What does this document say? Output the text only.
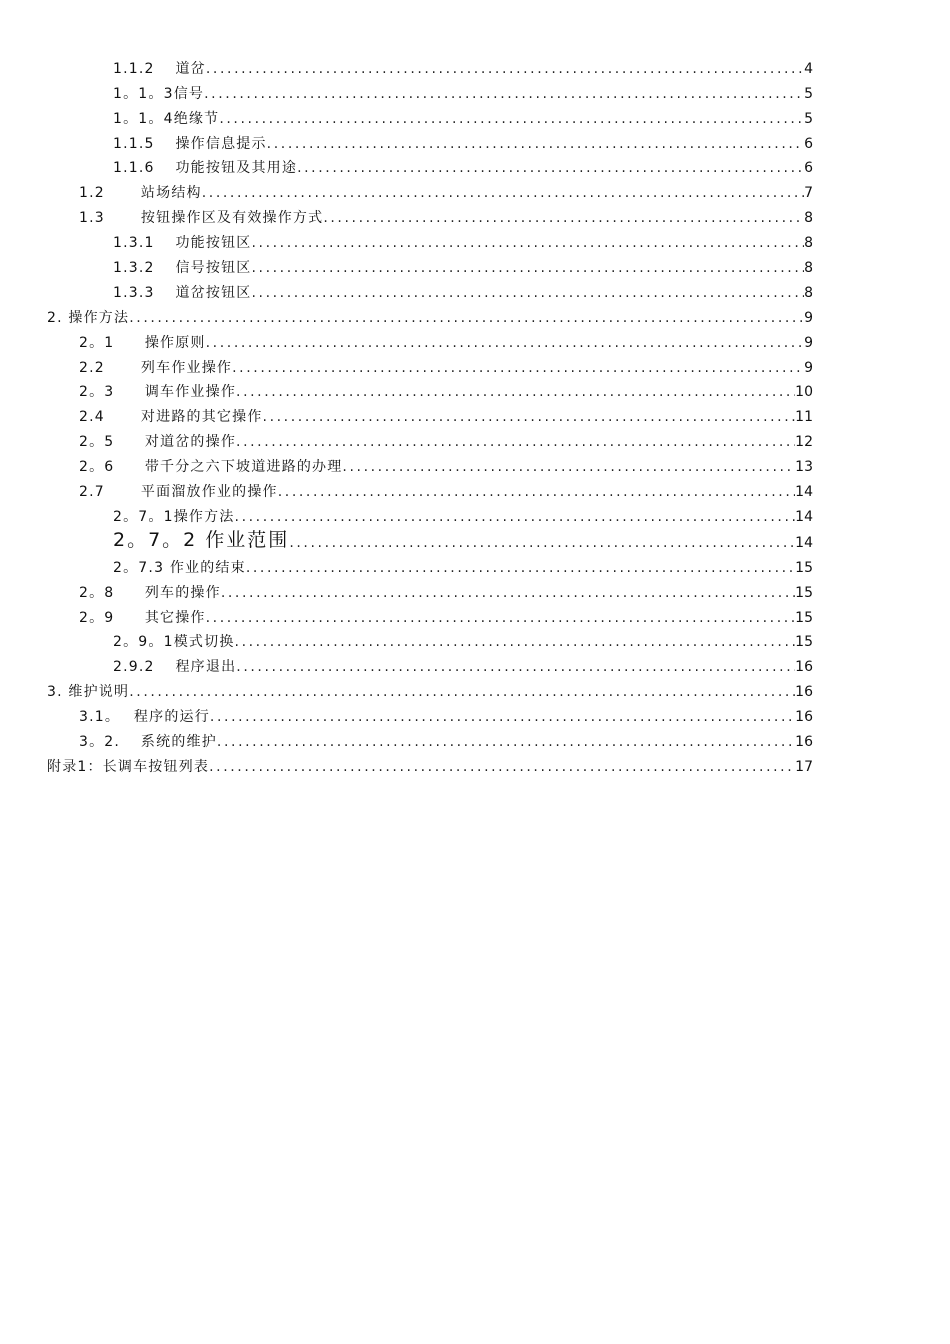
1.1.2　 道岔 .....	4
1。1。3信号 .....	5
1。1。4绝缘节 .....	5
1.1.5　 操作信息提示 .....	6
1.1.6　 功能按钮及其用途 .....	6
1.2　　 站场结构 .....	7
1.3　　 按钮操作区及有效操作方式 .....	8
1.3.1　 功能按钮区 .....	8
1.3.2　 信号按钮区 .....	8
1.3.3　 道岔按钮区 .....	8
2. 操作方法 .....	9
2。1　　操作原则 .....	9
2.2　　 列车作业操作 .....	9
2。3　　调车作业操作 .....	10
2.4　　 对进路的其它操作 .....	11
2。5　　对道岔的操作 .....	12
2。6　　带千分之六下坡道进路的办理 .....	13
2.7　　 平面溜放作业的操作 .....	14
2。7。1操作方法 .....	14
2。7。2 作业范围 .....	14
2。7.3 作业的结束 .....	15
2。8　　列车的操作 .....	15
2。9　　其它操作 .....	15
2。9。1模式切换 .....	15
2.9.2　 程序退出 .....	16
3. 维护说明 .....	16
3.1。　 程序的运行 .....	16
3。2.　 系统的维护 .....	16
附录1：长调车按钮列表 .....	17
